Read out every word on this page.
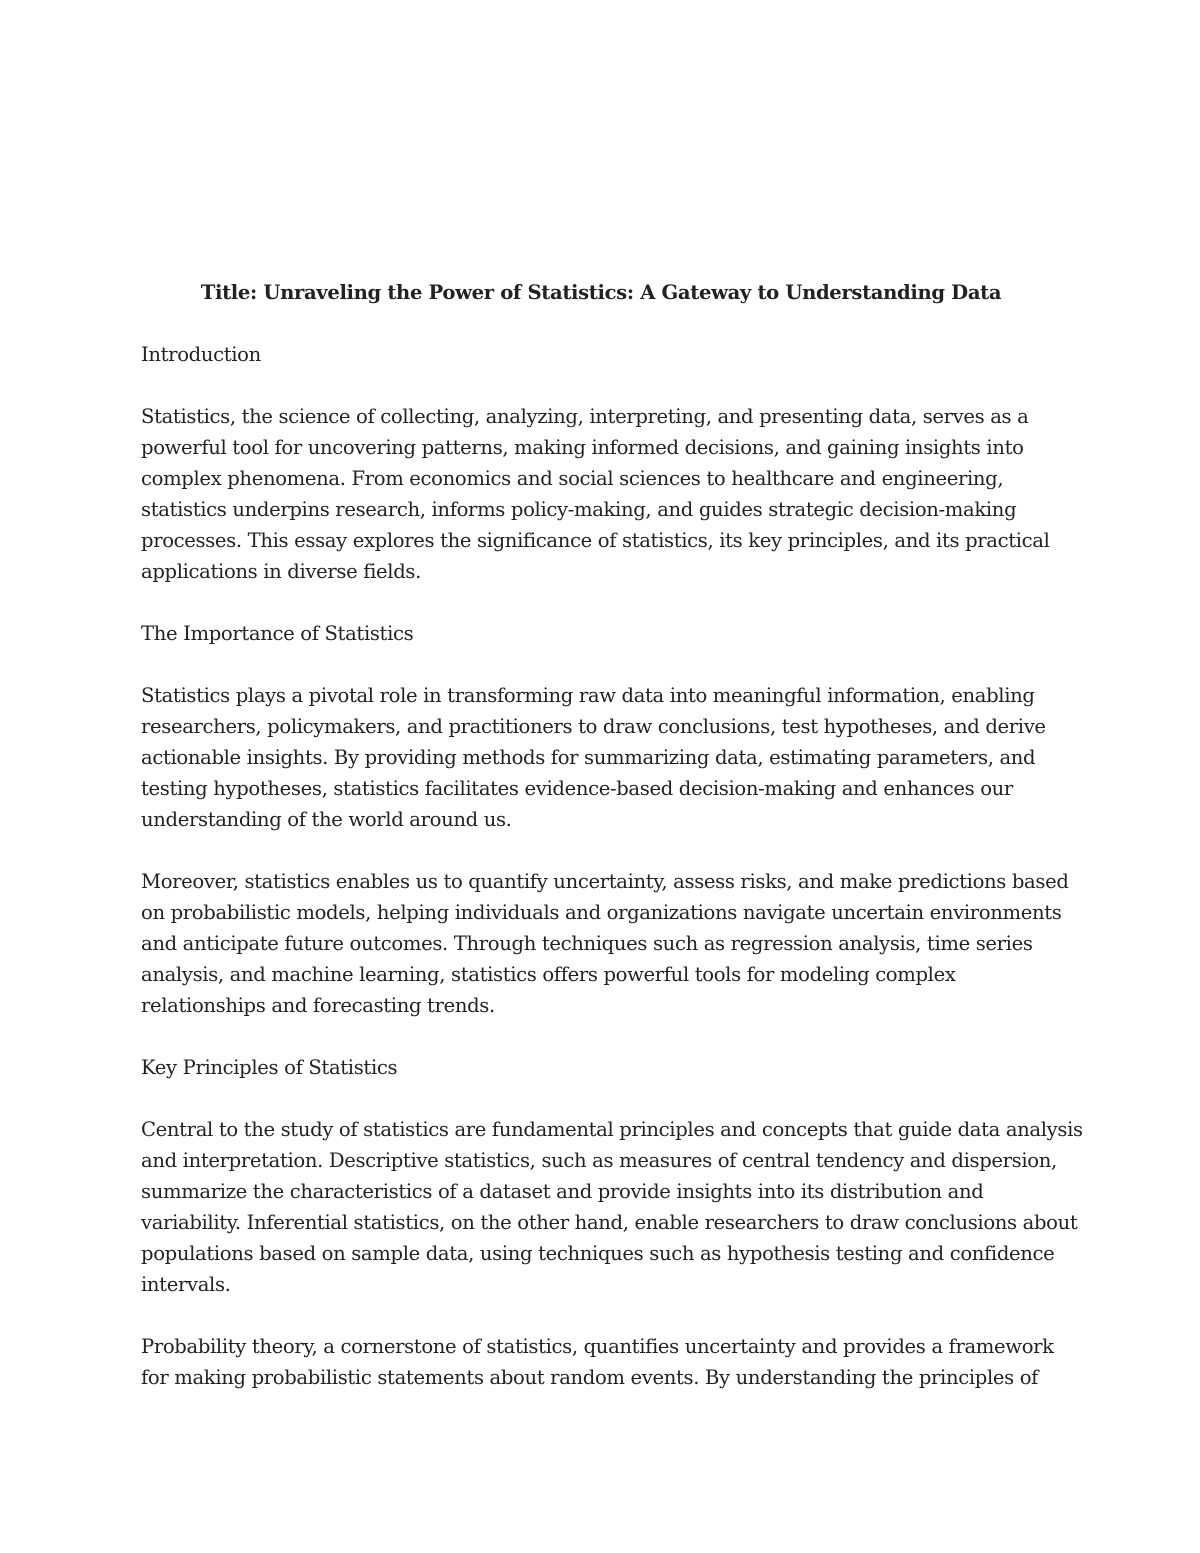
Title: Unraveling the Power of Statistics: A Gateway to Understanding Data
Introduction
Statistics, the science of collecting, analyzing, interpreting, and presenting data, serves as a
powerful tool for uncovering patterns, making informed decisions, and gaining insights into
complex phenomena. From economics and social sciences to healthcare and engineering,
statistics underpins research, informs policy-making, and guides strategic decision-making
processes. This essay explores the significance of statistics, its key principles, and its practical
applications in diverse fields.
The Importance of Statistics
Statistics plays a pivotal role in transforming raw data into meaningful information, enabling
researchers, policymakers, and practitioners to draw conclusions, test hypotheses, and derive
actionable insights. By providing methods for summarizing data, estimating parameters, and
testing hypotheses, statistics facilitates evidence-based decision-making and enhances our
understanding of the world around us.
Moreover, statistics enables us to quantify uncertainty, assess risks, and make predictions based
on probabilistic models, helping individuals and organizations navigate uncertain environments
and anticipate future outcomes. Through techniques such as regression analysis, time series
analysis, and machine learning, statistics offers powerful tools for modeling complex
relationships and forecasting trends.
Key Principles of Statistics
Central to the study of statistics are fundamental principles and concepts that guide data analysis
and interpretation. Descriptive statistics, such as measures of central tendency and dispersion,
summarize the characteristics of a dataset and provide insights into its distribution and
variability. Inferential statistics, on the other hand, enable researchers to draw conclusions about
populations based on sample data, using techniques such as hypothesis testing and confidence
intervals.
Probability theory, a cornerstone of statistics, quantifies uncertainty and provides a framework
for making probabilistic statements about random events. By understanding the principles of
